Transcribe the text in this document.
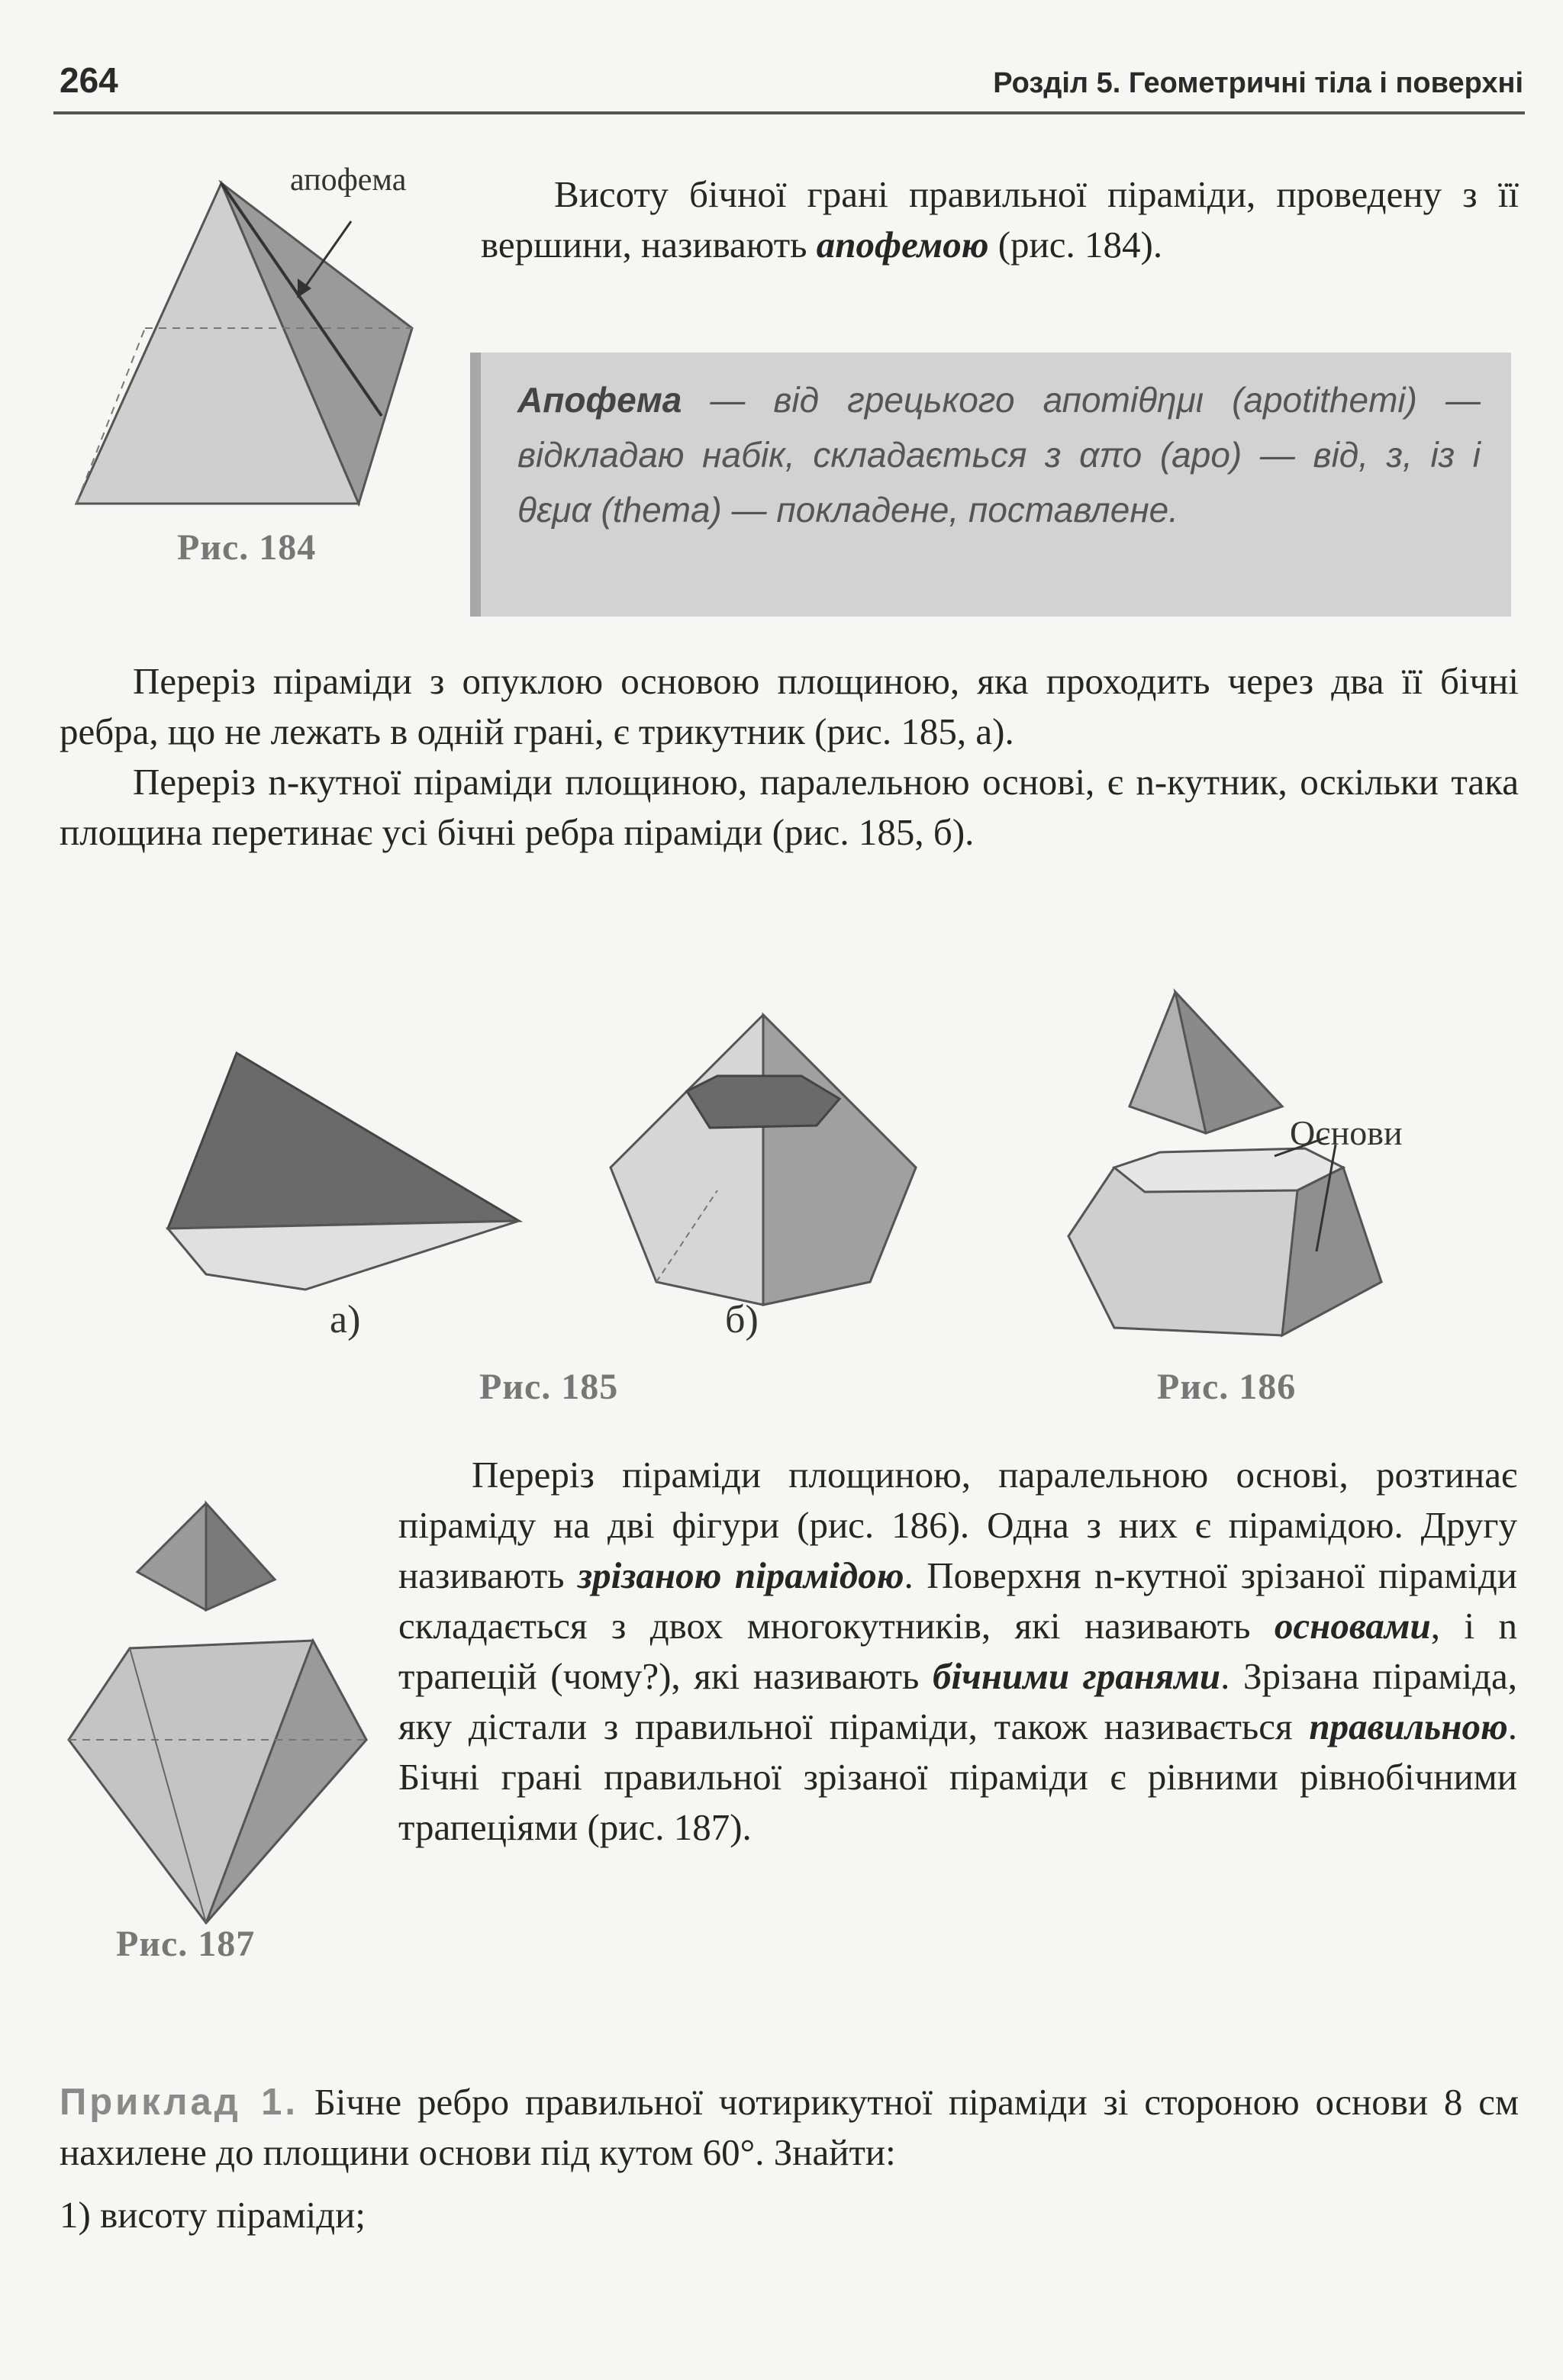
264	Розділ 5. Геометричні тіла і поверхні
апофема
Рис. 184

Висоту бічної грані правильної піраміди, проведену з її вершини, називають апофемою (рис. 184).

Апофема — від грецького апотіθημι (apotithemi) — відкладаю набік, складається з απο (apo) — від, з, із і θεμα (thema) — покладене, поставлене.

Переріз піраміди з опуклою основою площиною, яка проходить через два її бічні ребра, що не лежать в одній грані, є трикутник (рис. 185, а).

Переріз n-кутної піраміди площиною, паралельною основі, є n-кутник, оскільки така площина перетинає усі бічні ребра піраміди (рис. 185, б).

а)	б)
Рис. 185
Основи
Рис. 186
Рис. 187

Переріз піраміди площиною, паралельною основі, розтинає піраміду на дві фігури (рис. 186). Одна з них є пірамідою. Другу називають зрізаною пірамідою. Поверхня n-кутної зрізаної піраміди складається з двох многокутників, які називають основами, і n трапецій (чому?), які називають бічними гранями. Зрізана піраміда, яку дістали з правильної піраміди, також називається правильною. Бічні грані правильної зрізаної піраміди є рівними рівнобічними трапеціями (рис. 187).

Приклад 1. Бічне ребро правильної чотирикутної піраміди зі стороною основи 8 см нахилене до площини основи під кутом 60°. Знайти:

1) висоту піраміди;
